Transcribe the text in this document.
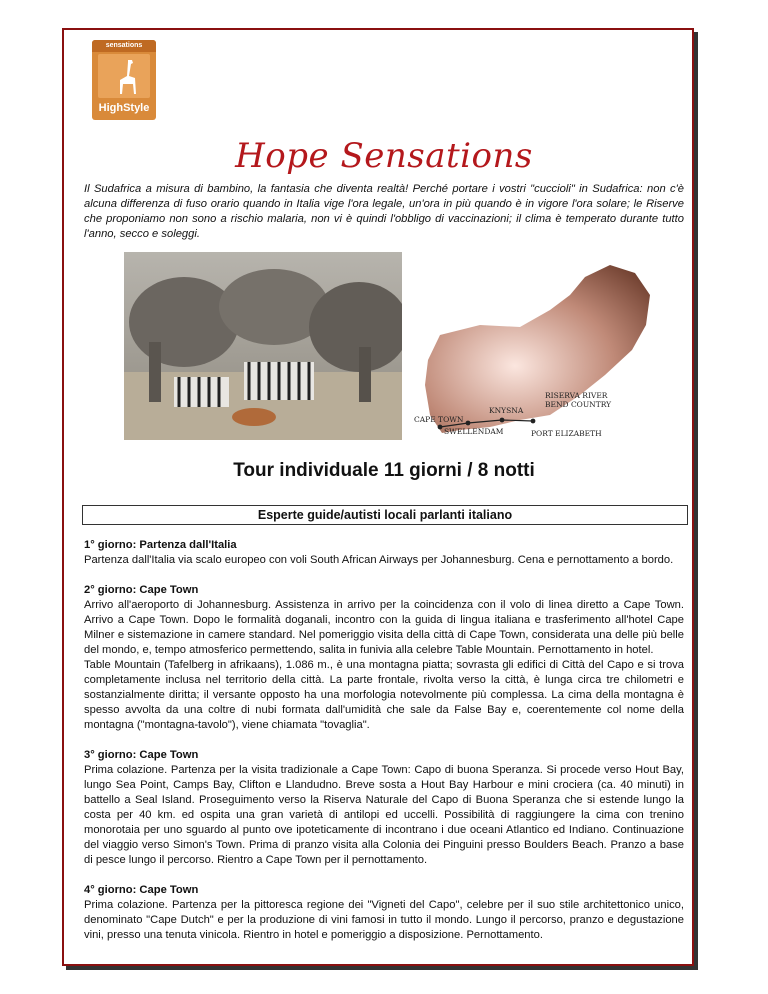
sensations
HighStyle
Hope Sensations
Il Sudafrica a misura di bambino, la fantasia che diventa realtà! Perché portare i vostri "cuccioli" in Sudafrica: non c'è alcuna differenza di fuso orario quando in Italia vige l'ora legale, un'ora in più quando è in vigore l'ora solare; le Riserve che proponiamo non sono a rischio malaria, non vi è quindi l'obbligo di vaccinazioni; il clima è temperato durante tutto l'anno, secco e soleggi.
RISERVA RIVER
BEND COUNTRY
KNYSNA
CAPE TOWN
SWELLENDAM	PORT ELIZABETH
Tour individuale 11 giorni / 8 notti
Esperte guide/autisti locali parlanti italiano
1° giorno: Partenza dall'Italia

Partenza dall'Italia via scalo europeo con voli South African Airways per Johannesburg. Cena e pernottamento a bordo.

2° giorno: Cape Town

Arrivo all'aeroporto di Johannesburg. Assistenza in arrivo per la coincidenza con il volo di linea diretto a Cape Town. Arrivo a Cape Town. Dopo le formalità doganali, incontro con la guida di lingua italiana e trasferimento all'hotel Cape Milner e sistemazione in camere standard. Nel pomeriggio visita della città di Cape Town, considerata una delle più belle del mondo, e, tempo atmosferico permettendo, salita in funivia alla celebre Table Mountain. Pernottamento in hotel.

Table Mountain (Tafelberg in afrikaans), 1.086 m., è una montagna piatta; sovrasta gli edifici di Città del Capo e si trova completamente inclusa nel territorio della città. La parte frontale, rivolta verso la città, è lunga circa tre chilometri e sostanzialmente diritta; il versante opposto ha una morfologia notevolmente più complessa. La cima della montagna è spesso avvolta da una coltre di nubi formata dall'umidità che sale da False Bay e, coerentemente col nome della montagna ("montagna-tavolo"), viene chiamata "tovaglia".

3° giorno: Cape Town

Prima colazione. Partenza per la visita tradizionale a Cape Town: Capo di buona Speranza. Si procede verso Hout Bay, lungo Sea Point, Camps Bay, Clifton e Llandudno. Breve sosta a Hout Bay Harbour e mini crociera (ca. 40 minuti) in battello a Seal Island. Proseguimento verso la Riserva Naturale del Capo di Buona Speranza che si estende lungo la costa per 40 km. ed ospita una gran varietà di antilopi ed uccelli. Possibilità di raggiungere la cima con trenino monorotaia per uno sguardo al punto ove ipoteticamente di incontrano i due oceani Atlantico ed Indiano. Continuazione del viaggio verso Simon's Town. Prima di pranzo visita alla Colonia dei Pinguini presso Boulders Beach. Pranzo a base di pesce lungo il percorso. Rientro a Cape Town per il pernottamento.

4° giorno: Cape Town

Prima colazione. Partenza per la pittoresca regione dei "Vigneti del Capo", celebre per il suo stile architettonico unico, denominato "Cape Dutch" e per la produzione di vini famosi in tutto il mondo. Lungo il percorso, pranzo e degustazione vini, presso una tenuta vinicola. Rientro in hotel e pomeriggio a disposizione. Pernottamento.
